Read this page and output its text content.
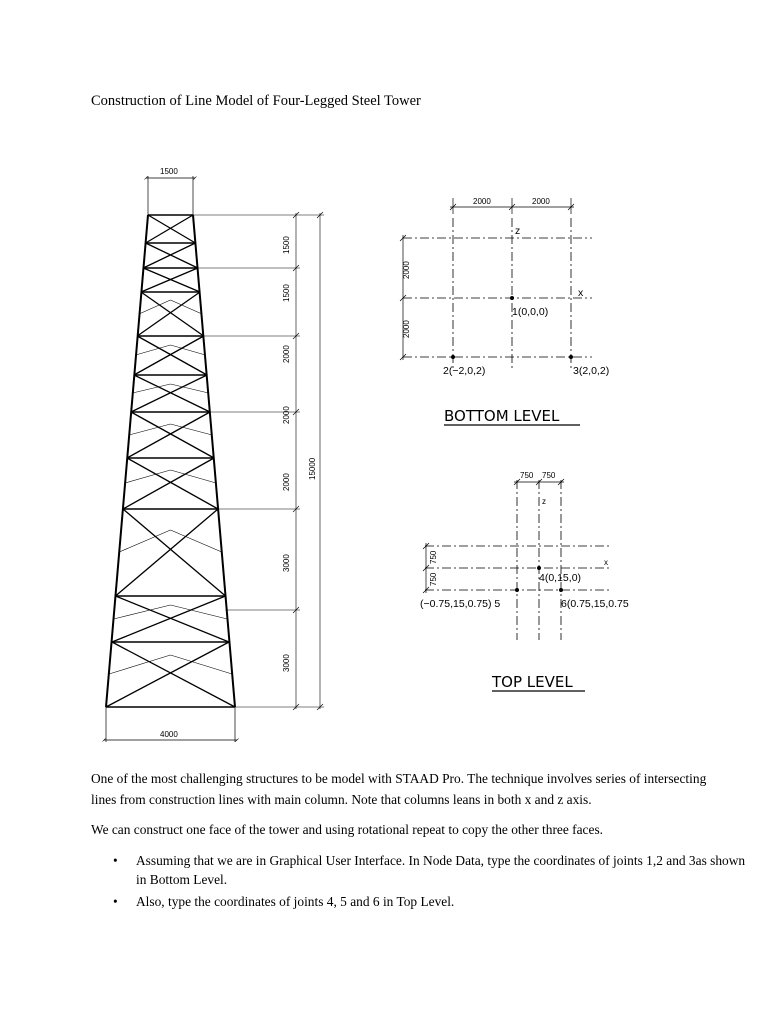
Construction of Line Model of Four-Legged Steel Tower
1500
4000
1500
1500
2000
2000
2000
3000
3000
15000
2000	2000
2000
2000
z
x
1(0,0,0)
2(−2,0,2)	3(2,0,2)
BOTTOM LEVEL
750 750
750
750
z
x
4(0,15,0)
(−0.75,15,0.75) 5	6(0.75,15,0.75
TOP LEVEL

One of the most challenging structures to be model with STAAD Pro. The technique involves series of intersecting lines from construction lines with main column. Note that columns leans in both x and z axis.

We can construct one face of the tower and using rotational repeat to copy the other three faces.

• Assuming that we are in Graphical User Interface. In Node Data, type the coordinates of joints 1,2 and 3as shown in Bottom Level.
• Also, type the coordinates of joints 4, 5 and 6 in Top Level.
